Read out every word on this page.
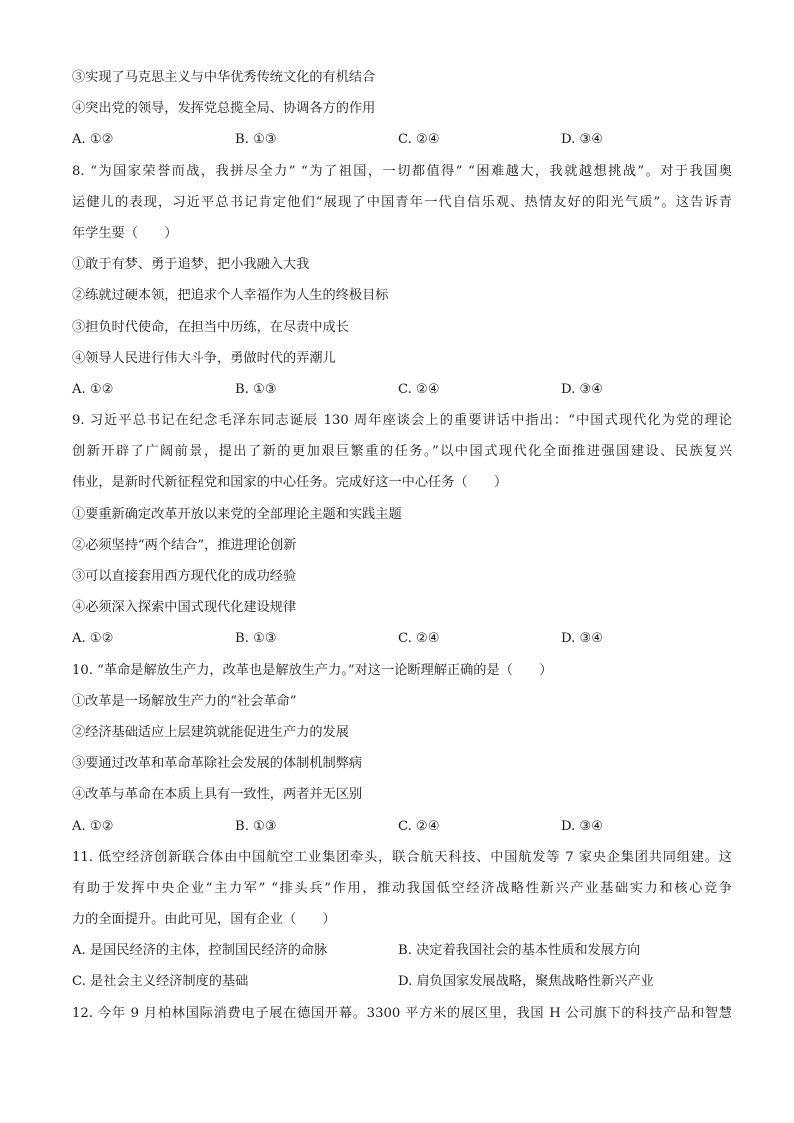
③实现了马克思主义与中华优秀传统文化的有机结合
④突出党的领导，发挥党总揽全局、协调各方的作用
A. ①②	B. ①③	C. ②④	D. ③④
8. “为国家荣誉而战，我拼尽全力” “为了祖国，一切都值得” “困难越大，我就越想挑战”。对于我国奥
运健儿的表现，习近平总书记肯定他们“展现了中国青年一代自信乐观、热情友好的阳光气质”。这告诉青
年学生要（　　）
①敢于有梦、勇于追梦，把小我融入大我
②练就过硬本领，把追求个人幸福作为人生的终极目标
③担负时代使命，在担当中历练，在尽责中成长
④领导人民进行伟大斗争，勇做时代的弄潮儿
A. ①②	B. ①③	C. ②④	D. ③④
9. 习近平总书记在纪念毛泽东同志诞辰 130 周年座谈会上的重要讲话中指出：“中国式现代化为党的理论
创新开辟了广阔前景，提出了新的更加艰巨繁重的任务。”以中国式现代化全面推进强国建设、民族复兴
伟业，是新时代新征程党和国家的中心任务。完成好这一中心任务（　　）
①要重新确定改革开放以来党的全部理论主题和实践主题
②必须坚持“两个结合”，推进理论创新
③可以直接套用西方现代化的成功经验
④必须深入探索中国式现代化建设规律
A. ①②	B. ①③	C. ②④	D. ③④
10. “革命是解放生产力，改革也是解放生产力。”对这一论断理解正确的是（　　）
①改革是一场解放生产力的“社会革命”
②经济基础适应上层建筑就能促进生产力的发展
③要通过改革和革命革除社会发展的体制机制弊病
④改革与革命在本质上具有一致性，两者并无区别
A. ①②	B. ①③	C. ②④	D. ③④
11. 低空经济创新联合体由中国航空工业集团牵头，联合航天科技、中国航发等 7 家央企集团共同组建。这
有助于发挥中央企业“主力军” “排头兵”作用，推动我国低空经济战略性新兴产业基础实力和核心竞争
力的全面提升。由此可见，国有企业（　　）
A. 是国民经济的主体，控制国民经济的命脉	B. 决定着我国社会的基本性质和发展方向
C. 是社会主义经济制度的基础	D. 肩负国家发展战略，聚焦战略性新兴产业
12. 今年 9 月柏林国际消费电子展在德国开幕。3300 平方米的展区里，我国 H 公司旗下的科技产品和智慧
